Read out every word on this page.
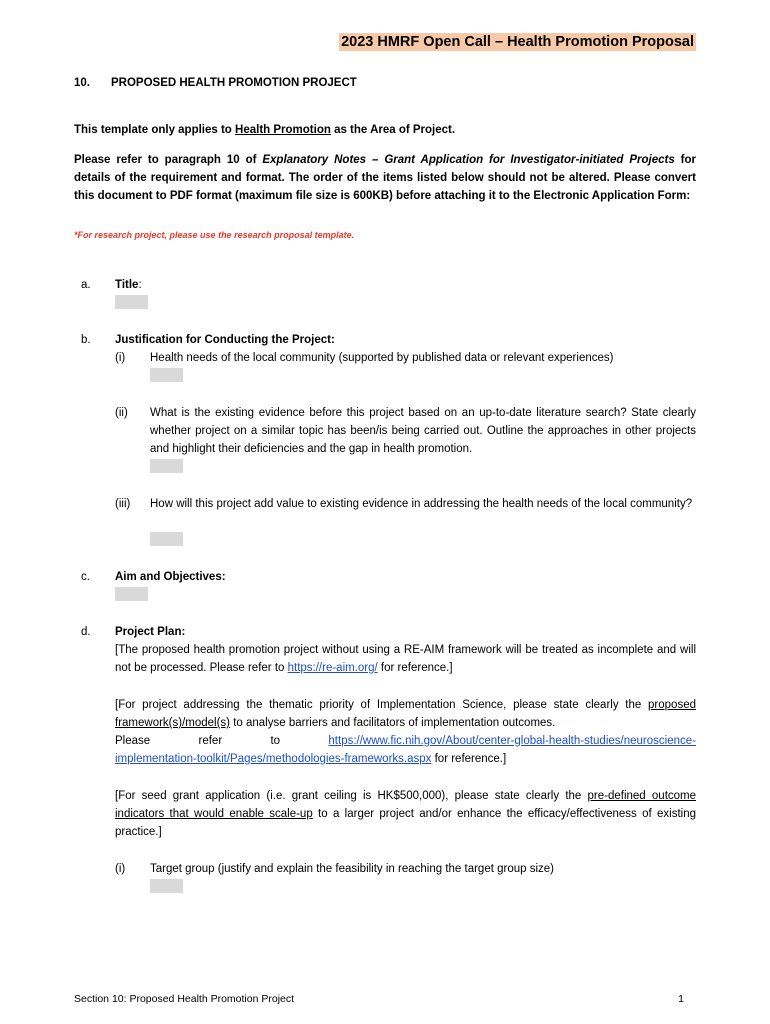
2023 HMRF Open Call – Health Promotion Proposal
10. PROPOSED HEALTH PROMOTION PROJECT
This template only applies to Health Promotion as the Area of Project.
Please refer to paragraph 10 of Explanatory Notes – Grant Application for Investigator-initiated Projects for details of the requirement and format. The order of the items listed below should not be altered. Please convert this document to PDF format (maximum file size is 600KB) before attaching it to the Electronic Application Form:
*For research project, please use the research proposal template.
a. Title:
b. Justification for Conducting the Project:
(i) Health needs of the local community (supported by published data or relevant experiences)
(ii) What is the existing evidence before this project based on an up-to-date literature search? State clearly whether project on a similar topic has been/is being carried out. Outline the approaches in other projects and highlight their deficiencies and the gap in health promotion.
(iii) How will this project add value to existing evidence in addressing the health needs of the local community?
c. Aim and Objectives:
d. Project Plan:
[The proposed health promotion project without using a RE-AIM framework will be treated as incomplete and will not be processed. Please refer to https://re-aim.org/ for reference.]
[For project addressing the thematic priority of Implementation Science, please state clearly the proposed framework(s)/model(s) to analyse barriers and facilitators of implementation outcomes.
Please	refer	to	https://www.fic.nih.gov/About/center-global-health-studies/neuroscience-
implementation-toolkit/Pages/methodologies-frameworks.aspx for reference.]
[For seed grant application (i.e. grant ceiling is HK$500,000), please state clearly the pre-defined outcome indicators that would enable scale-up to a larger project and/or enhance the efficacy/effectiveness of existing practice.]
(i) Target group (justify and explain the feasibility in reaching the target group size)
Section 10: Proposed Health Promotion Project	1
